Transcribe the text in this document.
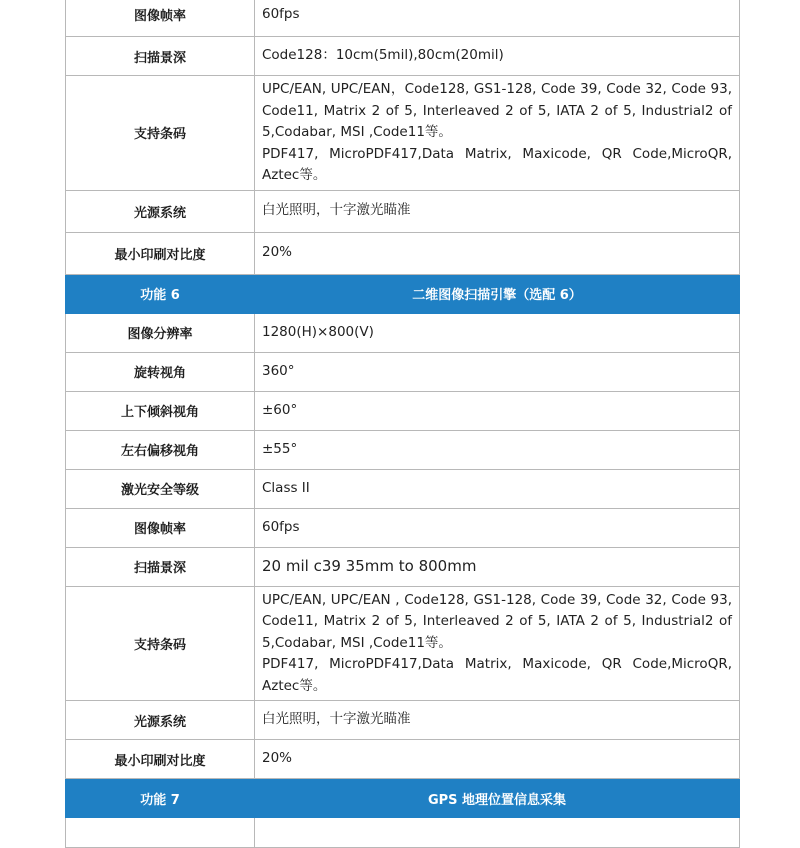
图像帧率	60fps
扫描景深	Code128：10cm(5mil),80cm(20mil)
支持条码	UPC/EAN, UPC/EAN，Code128, GS1-128, Code 39, Code 32, Code 93, Code11, Matrix 2 of 5, Interleaved 2 of 5, IATA 2 of 5, Industrial2 of 5,Codabar, MSI ,Code11等。

PDF417, MicroPDF417,Data Matrix, Maxicode, QR Code,MicroQR, Aztec等。

光源系统	白光照明，十字激光瞄准
最小印刷对比度	20%
功能 6	二维图像扫描引擎（选配 6）
图像分辨率	1280(H)×800(V)
旋转视角	360°
上下倾斜视角	±60°
左右偏移视角	±55°
激光安全等级	Class II
图像帧率	60fps
扫描景深	20 mil c39 35mm to 800mm
支持条码	UPC/EAN, UPC/EAN , Code128, GS1-128, Code 39, Code 32, Code 93, Code11, Matrix 2 of 5, Interleaved 2 of 5, IATA 2 of 5, Industrial2 of 5,Codabar, MSI ,Code11等。

PDF417, MicroPDF417,Data Matrix, Maxicode, QR Code,MicroQR, Aztec等。

光源系统	白光照明，十字激光瞄准
最小印刷对比度	20%
功能 7	GPS 地理位置信息采集
